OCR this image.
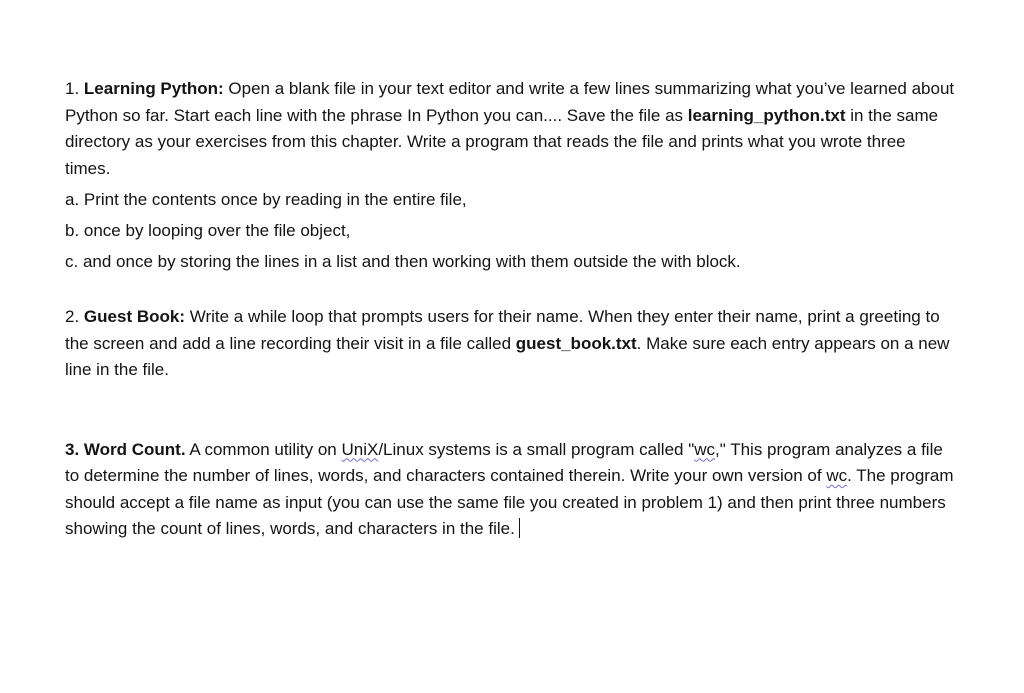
1. Learning Python: Open a blank file in your text editor and write a few lines summarizing what you’ve learned about Python so far. Start each line with the phrase In Python you can.... Save the file as learning_python.txt in the same directory as your exercises from this chapter. Write a program that reads the file and prints what you wrote three times.

a. Print the contents once by reading in the entire file,

b. once by looping over the file object,

c. and once by storing the lines in a list and then working with them outside the with block.

2. Guest Book: Write a while loop that prompts users for their name. When they enter their name, print a greeting to the screen and add a line recording their visit in a file called guest_book.txt. Make sure each entry appears on a new line in the file.

3. Word Count. A common utility on UniX/Linux systems is a small program called "wc," This program analyzes a file to determine the number of lines, words, and characters contained therein. Write your own version of wc. The program should accept a file name as input (you can use the same file you created in problem 1) and then print three numbers showing the count of lines, words, and characters in the file.
